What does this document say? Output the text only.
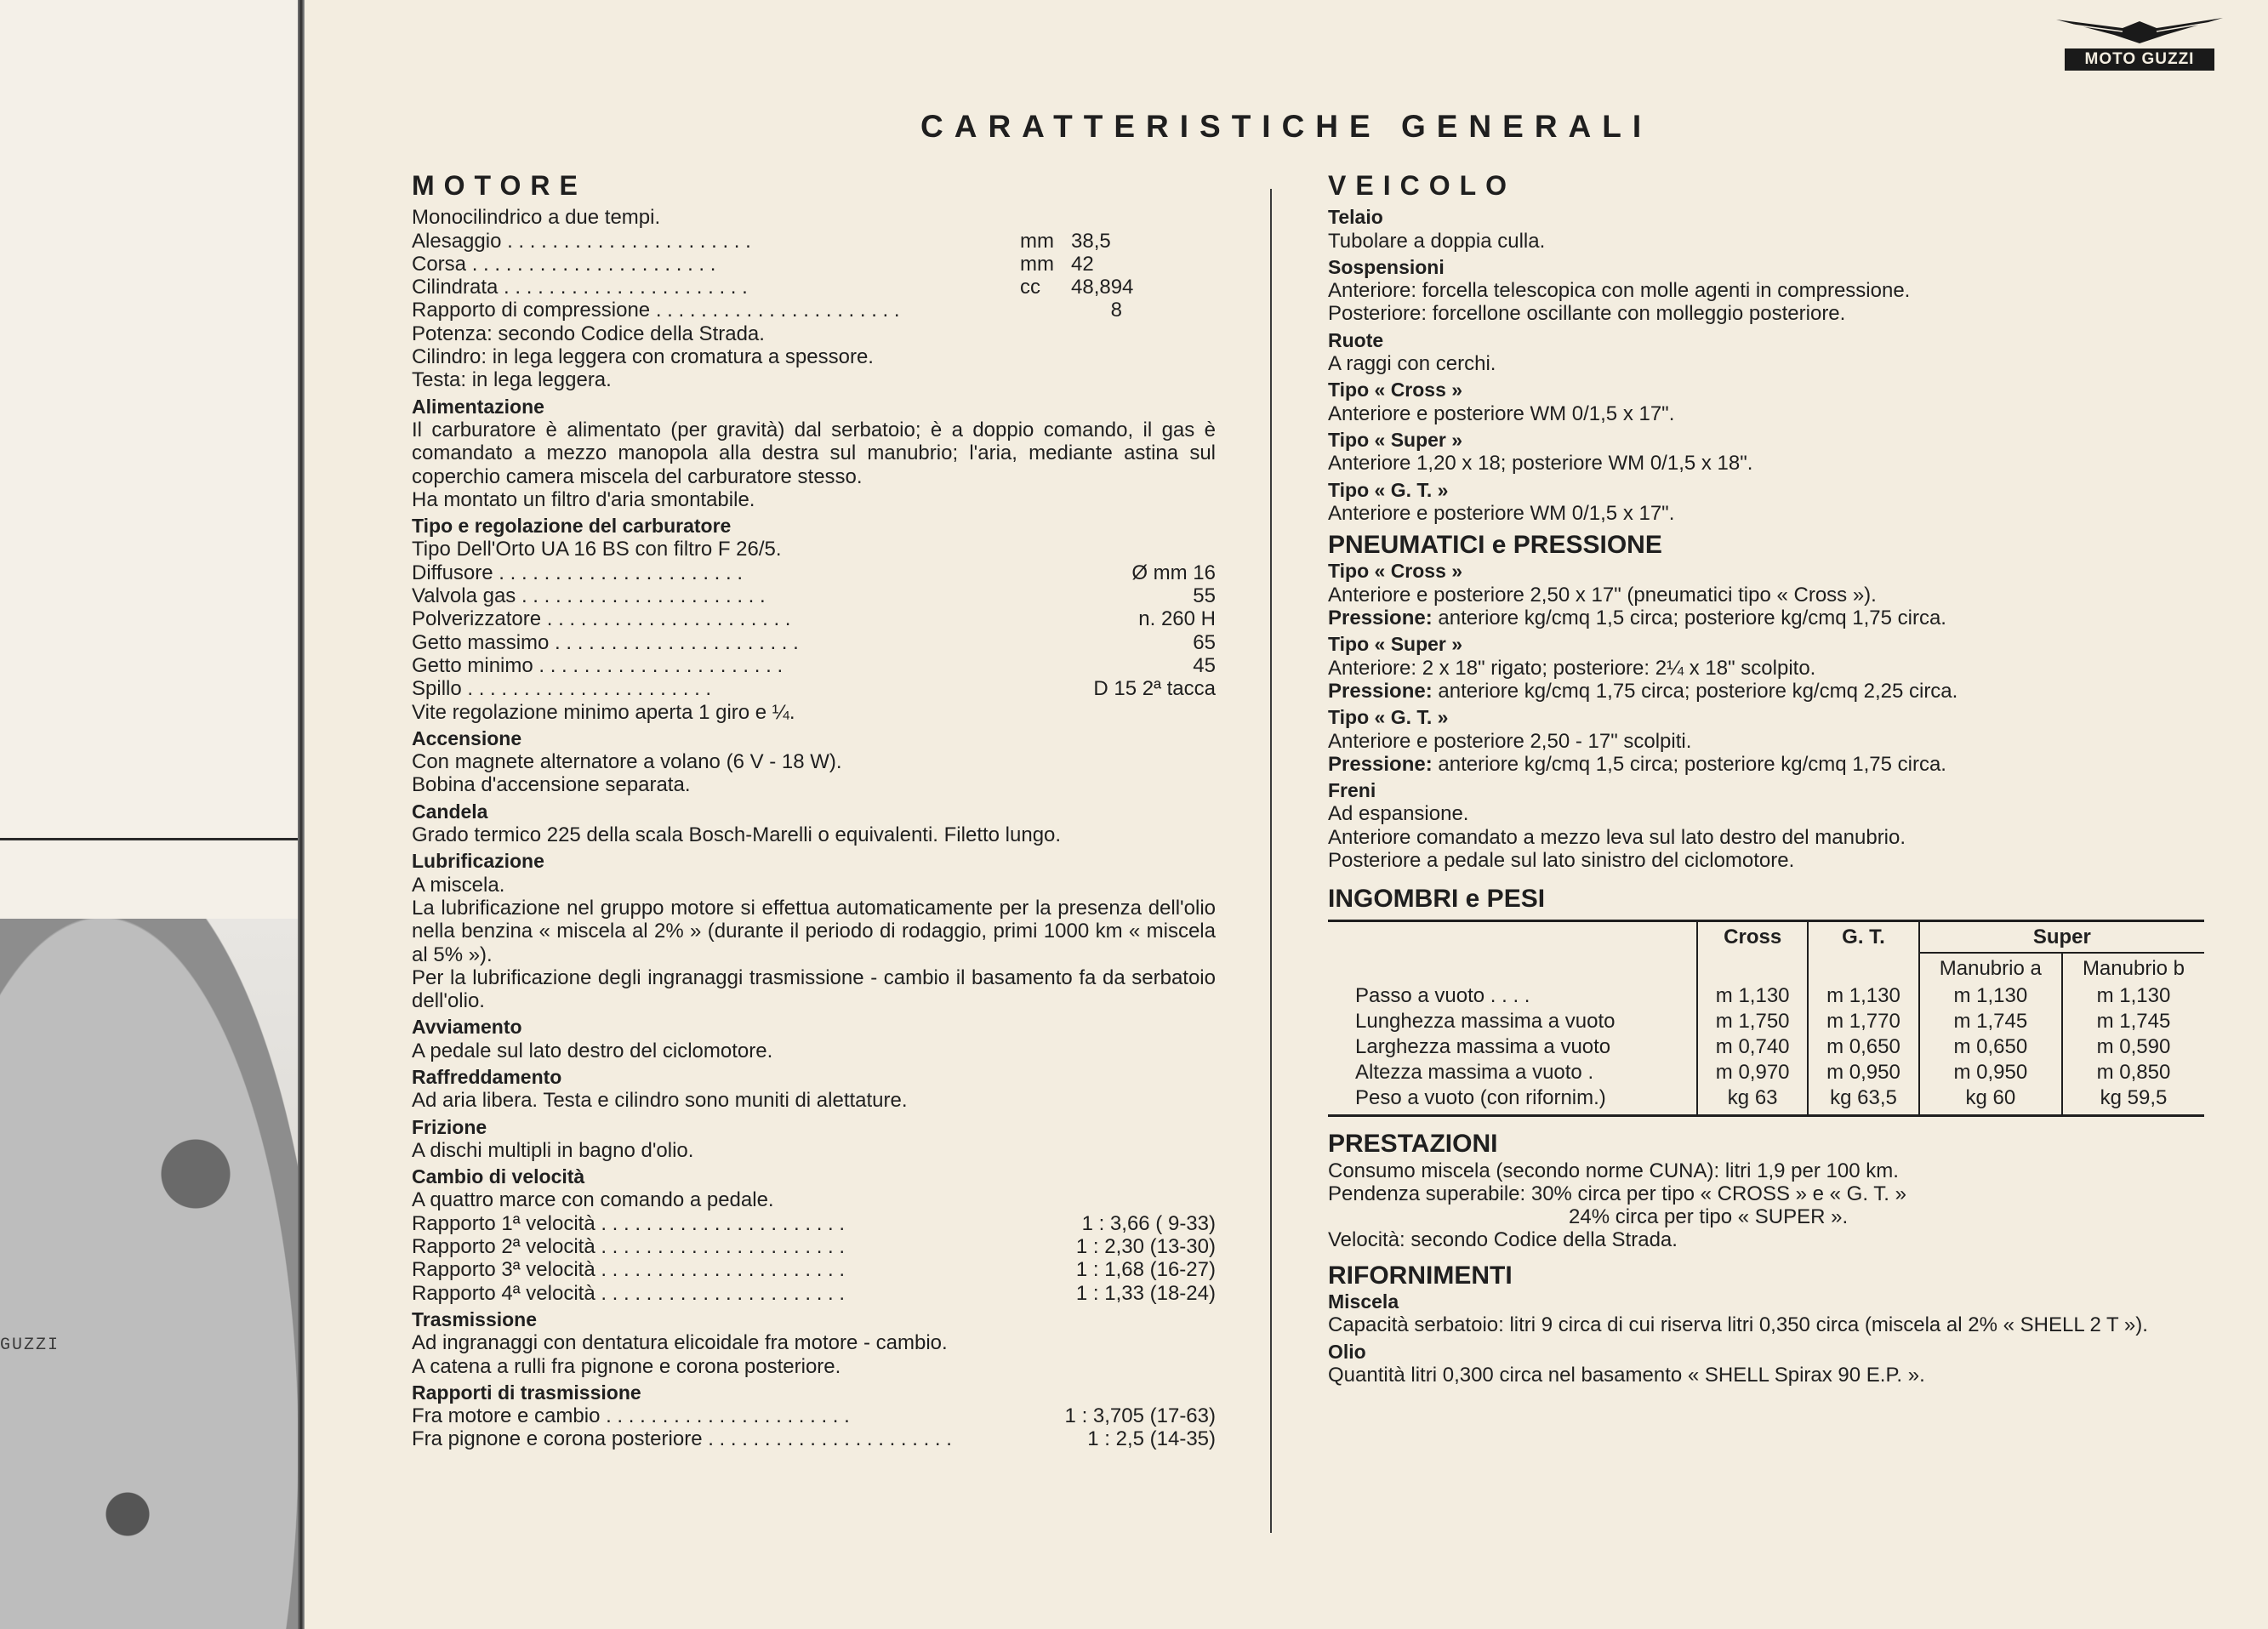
GUZZI
MOTO GUZZI
CARATTERISTICHE GENERALI
MOTORE
Monocilindrico a due tempi.
Alesaggio . .	mm 38,5
Corsa . .	mm 42
Cilindrata . .	cc	48,894
Rapporto di compressione . .	8
Potenza: secondo Codice della Strada.
Cilindro: in lega leggera con cromatura a spessore.
Testa: in lega leggera.
Alimentazione
Il carburatore è alimentato (per gravità) dal serbatoio; è a doppio comando, il gas è comandato a mezzo manopola alla destra sul manubrio; l'aria, mediante astina sul coperchio camera miscela del carburatore stesso.
Ha montato un filtro d'aria smontabile.
Tipo e regolazione del carburatore
Tipo Dell'Orto UA 16 BS con filtro F 26/5.
Diffusore . .	Ø mm 16
Valvola gas . .	55
Polverizzatore . .	n. 260 H
Getto massimo . .	65
Getto minimo . .	45
Spillo . .	D 15 2ª tacca
Vite regolazione minimo aperta 1 giro e ¼.
Accensione
Con magnete alternatore a volano (6 V - 18 W).
Bobina d'accensione separata.
Candela
Grado termico 225 della scala Bosch-Marelli o equivalenti. Filetto lungo.
Lubrificazione
A miscela.
La lubrificazione nel gruppo motore si effettua automaticamente per la presenza dell'olio nella benzina « miscela al 2% » (durante il periodo di rodaggio, primi 1000 km « miscela al 5% »).
Per la lubrificazione degli ingranaggi trasmissione - cambio il basamento fa da serbatoio dell'olio.
Avviamento
A pedale sul lato destro del ciclomotore.
Raffreddamento
Ad aria libera. Testa e cilindro sono muniti di alettature.
Frizione
A dischi multipli in bagno d'olio.
Cambio di velocità
A quattro marce con comando a pedale.
Rapporto 1ª velocità . .	1 : 3,66 ( 9-33)
Rapporto 2ª velocità . .	1 : 2,30 (13-30)
Rapporto 3ª velocità . .	1 : 1,68 (16-27)
Rapporto 4ª velocità . .	1 : 1,33 (18-24)
Trasmissione
Ad ingranaggi con dentatura elicoidale fra motore - cambio.
A catena a rulli fra pignone e corona posteriore.
Rapporti di trasmissione
Fra motore e cambio . .	1 : 3,705 (17-63)
Fra pignone e corona posteriore . .	1 : 2,5 (14-35)
VEICOLO
Telaio
Tubolare a doppia culla.
Sospensioni
Anteriore: forcella telescopica con molle agenti in compressione.
Posteriore: forcellone oscillante con molleggio posteriore.
Ruote
A raggi con cerchi.
Tipo « Cross »
Anteriore e posteriore WM 0/1,5 x 17".
Tipo « Super »
Anteriore 1,20 x 18; posteriore WM 0/1,5 x 18".
Tipo « G. T. »
Anteriore e posteriore WM 0/1,5 x 17".
PNEUMATICI e PRESSIONE
Tipo « Cross »
Anteriore e posteriore 2,50 x 17" (pneumatici tipo « Cross »).
Pressione: anteriore kg/cmq 1,5 circa; posteriore kg/cmq 1,75 circa.
Tipo « Super »
Anteriore: 2 x 18" rigato; posteriore: 2¼ x 18" scolpito.
Pressione: anteriore kg/cmq 1,75 circa; posteriore kg/cmq 2,25 circa.
Tipo « G. T. »
Anteriore e posteriore 2,50 - 17" scolpiti.
Pressione: anteriore kg/cmq 1,5 circa; posteriore kg/cmq 1,75 circa.
Freni
Ad espansione.
Anteriore comandato a mezzo leva sul lato destro del manubrio.
Posteriore a pedale sul lato sinistro del ciclomotore.
INGOMBRI e PESI
	Cross	G. T.	Super	
			Manubrio a	Manubrio b
Passo a vuoto . . . .	m 1,130	m 1,130	m 1,130	m 1,130
Lunghezza massima a vuoto	m 1,750	m 1,770	m 1,745	m 1,745
Larghezza massima a vuoto	m 0,740	m 0,650	m 0,650	m 0,590
Altezza massima a vuoto .	m 0,970	m 0,950	m 0,950	m 0,850
Peso a vuoto (con rifornim.)	kg 63	kg 63,5	kg 60	kg 59,5
PRESTAZIONI
Consumo miscela (secondo norme CUNA): litri 1,9 per 100 km.
Pendenza superabile: 30% circa per tipo « CROSS » e « G. T. »
24% circa per tipo « SUPER ».
Velocità: secondo Codice della Strada.
RIFORNIMENTI
Miscela
Capacità serbatoio: litri 9 circa di cui riserva litri 0,350 circa (miscela al 2% « SHELL 2 T »).
Olio
Quantità litri 0,300 circa nel basamento « SHELL Spirax 90 E.P. ».
